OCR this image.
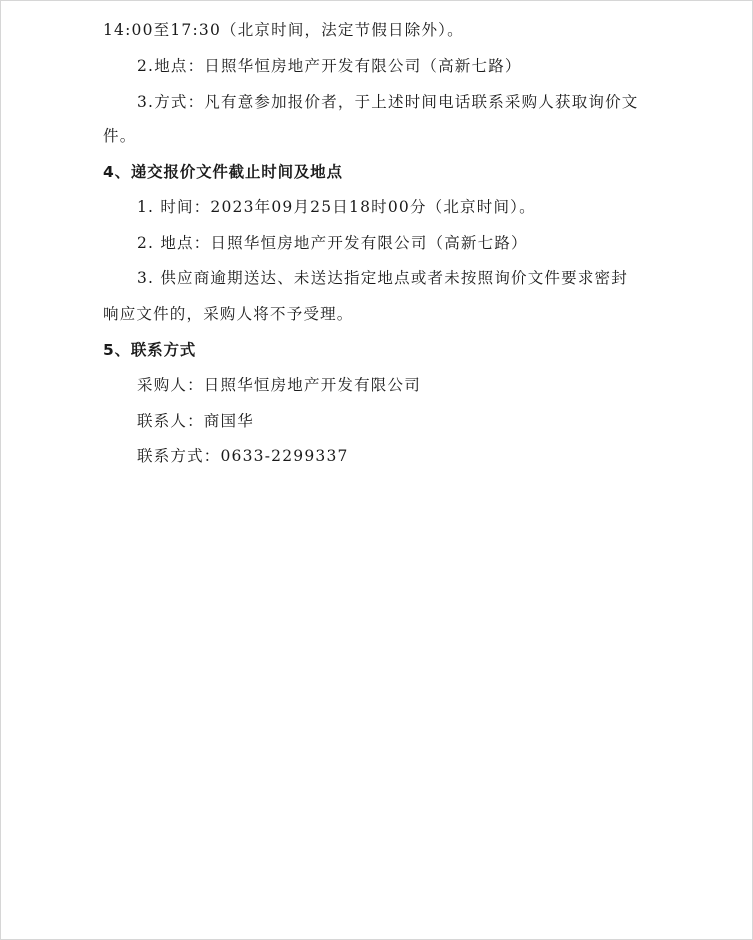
14:00至17:30（北京时间，法定节假日除外）。
2.地点：日照华恒房地产开发有限公司（高新七路）
3.方式：凡有意参加报价者，于上述时间电话联系采购人获取询价文
件。
4、递交报价文件截止时间及地点
1. 时间：2023年09月25日18时00分（北京时间）。
2. 地点：日照华恒房地产开发有限公司（高新七路）
3. 供应商逾期送达、未送达指定地点或者未按照询价文件要求密封
响应文件的，采购人将不予受理。
5、联系方式
采购人：日照华恒房地产开发有限公司
联系人：商国华
联系方式：0633-2299337
